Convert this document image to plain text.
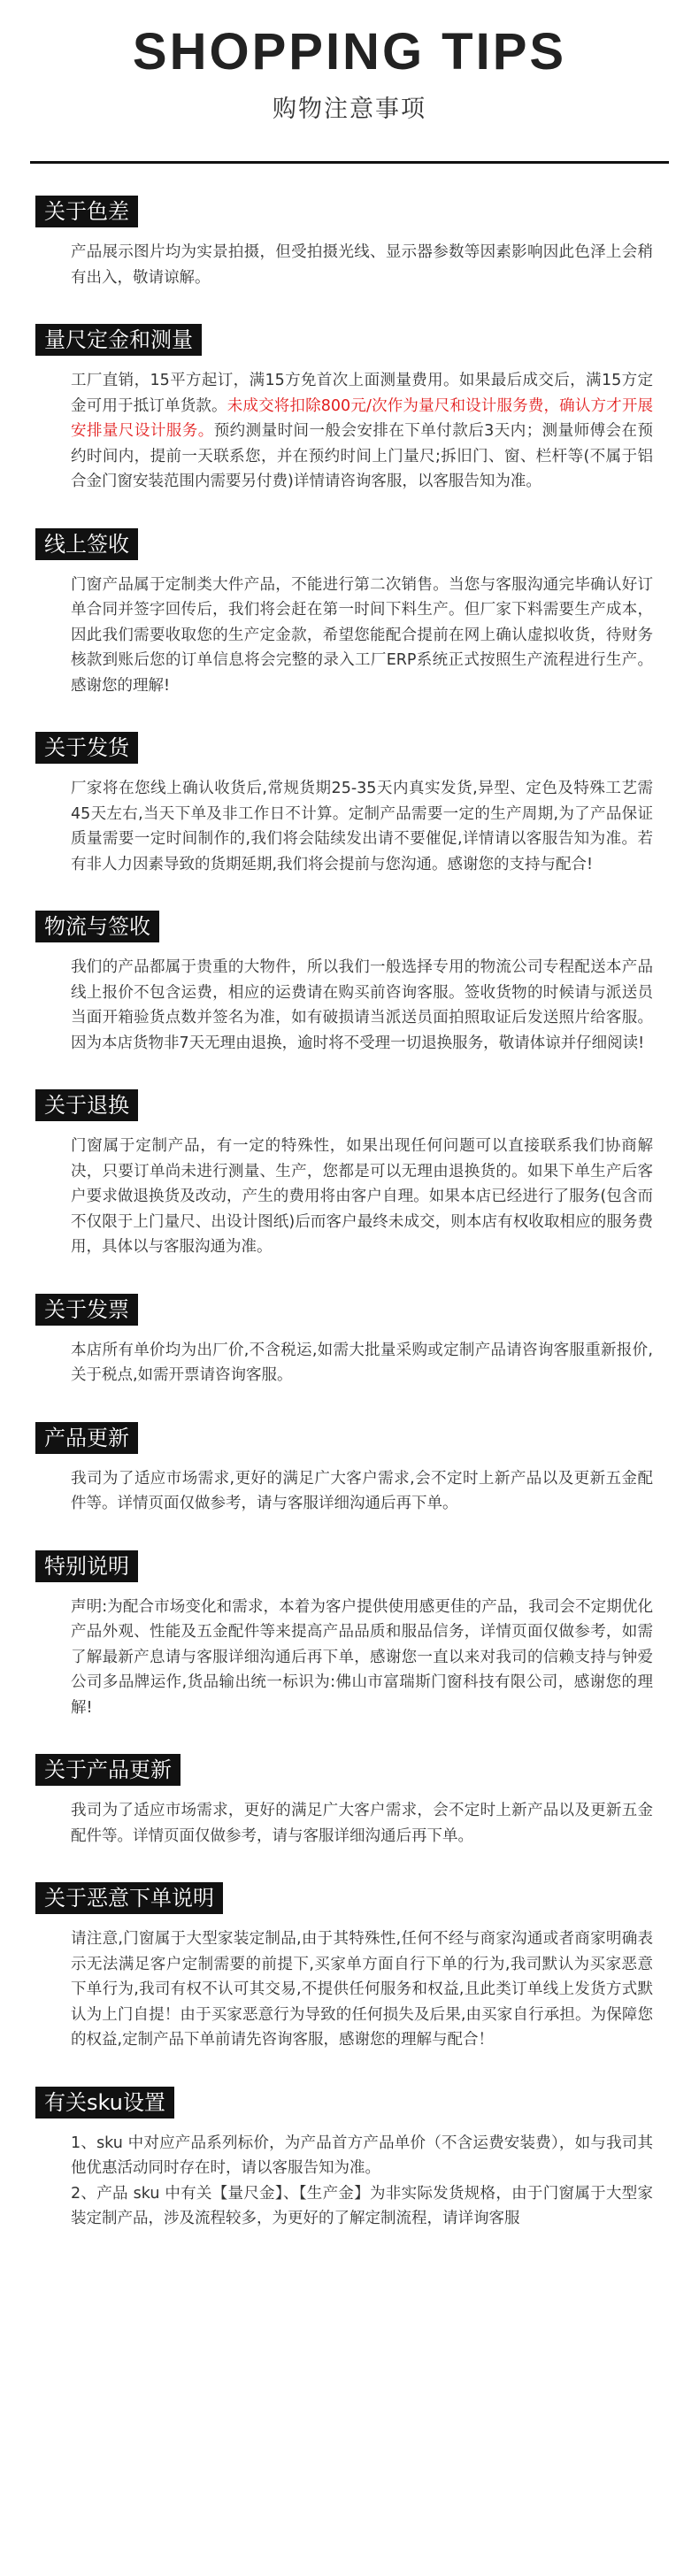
SHOPPING TIPS
购物注意事项
关于色差
产品展示图片均为实景拍摄，但受拍摄光线、显示器参数等因素影响因此色泽上会稍有出入，敬请谅解。
量尺定金和测量
工厂直销，15平方起订，满15方免首次上面测量费用。如果最后成交后，满15方定金可用于抵订单货款。未成交将扣除800元/次作为量尺和设计服务费，确认方才开展安排量尺设计服务。预约测量时间一般会安排在下单付款后3天内；测量师傅会在预约时间内，提前一天联系您，并在预约时间上门量尺;拆旧门、窗、栏杆等(不属于铝合金门窗安装范围内需要另付费)详情请咨询客服，以客服告知为准。
线上签收
门窗产品属于定制类大件产品，不能进行第二次销售。当您与客服沟通完毕确认好订单合同并签字回传后，我们将会赶在第一时间下料生产。但厂家下料需要生产成本，因此我们需要收取您的生产定金款，希望您能配合提前在网上确认虚拟收货，待财务核款到账后您的订单信息将会完整的录入工厂ERP系统正式按照生产流程进行生产。感谢您的理解!
关于发货
厂家将在您线上确认收货后,常规货期25-35天内真实发货,异型、定色及特殊工艺需45天左右,当天下单及非工作日不计算。定制产品需要一定的生产周期,为了产品保证质量需要一定时间制作的,我们将会陆续发出请不要催促,详情请以客服告知为准。若有非人力因素导致的货期延期,我们将会提前与您沟通。感谢您的支持与配合!
物流与签收
我们的产品都属于贵重的大物件，所以我们一般选择专用的物流公司专程配送本产品线上报价不包含运费，相应的运费请在购买前咨询客服。签收货物的时候请与派送员当面开箱验货点数并签名为准，如有破损请当派送员面拍照取证后发送照片给客服。因为本店货物非7天无理由退换，逾时将不受理一切退换服务，敬请体谅并仔细阅读!
关于退换
门窗属于定制产品，有一定的特殊性，如果出现任何问题可以直接联系我们协商解决，只要订单尚未进行测量、生产，您都是可以无理由退换货的。如果下单生产后客户要求做退换货及改动，产生的费用将由客户自理。如果本店已经进行了服务(包含而不仅限于上门量尺、出设计图纸)后而客户最终未成交，则本店有权收取相应的服务费用，具体以与客服沟通为准。
关于发票
本店所有单价均为出厂价,不含税运,如需大批量采购或定制产品请咨询客服重新报价,关于税点,如需开票请咨询客服。
产品更新
我司为了适应市场需求,更好的满足广大客户需求,会不定时上新产品以及更新五金配件等。详情页面仅做参考，请与客服详细沟通后再下单。
特别说明
声明:为配合市场变化和需求，本着为客户提供使用感更佳的产品，我司会不定期优化产品外观、性能及五金配件等来提高产品品质和服品信务，详情页面仅做参考，如需了解最新产息请与客服详细沟通后再下单，感谢您一直以来对我司的信赖支持与钟爱公司多品牌运作,货品输出统一标识为:佛山市富瑞斯门窗科技有限公司，感谢您的理解!
关于产品更新
我司为了适应市场需求，更好的满足广大客户需求，会不定时上新产品以及更新五金配件等。详情页面仅做参考，请与客服详细沟通后再下单。
关于恶意下单说明
请注意,门窗属于大型家装定制品,由于其特殊性,任何不经与商家沟通或者商家明确表示无法满足客户定制需要的前提下,买家单方面自行下单的行为,我司默认为买家恶意下单行为,我司有权不认可其交易,不提供任何服务和权益,且此类订单线上发货方式默认为上门自提！由于买家恶意行为导致的任何损失及后果,由买家自行承担。为保障您的权益,定制产品下单前请先咨询客服，感谢您的理解与配合！
有关sku设置
1、sku 中对应产品系列标价，为产品首方产品单价（不含运费安装费），如与我司其他优惠活动同时存在时，请以客服告知为准。
2、产品 sku 中有关【量尺金】、【生产金】为非实际发货规格，由于门窗属于大型家装定制产品，涉及流程较多，为更好的了解定制流程，请详询客服
